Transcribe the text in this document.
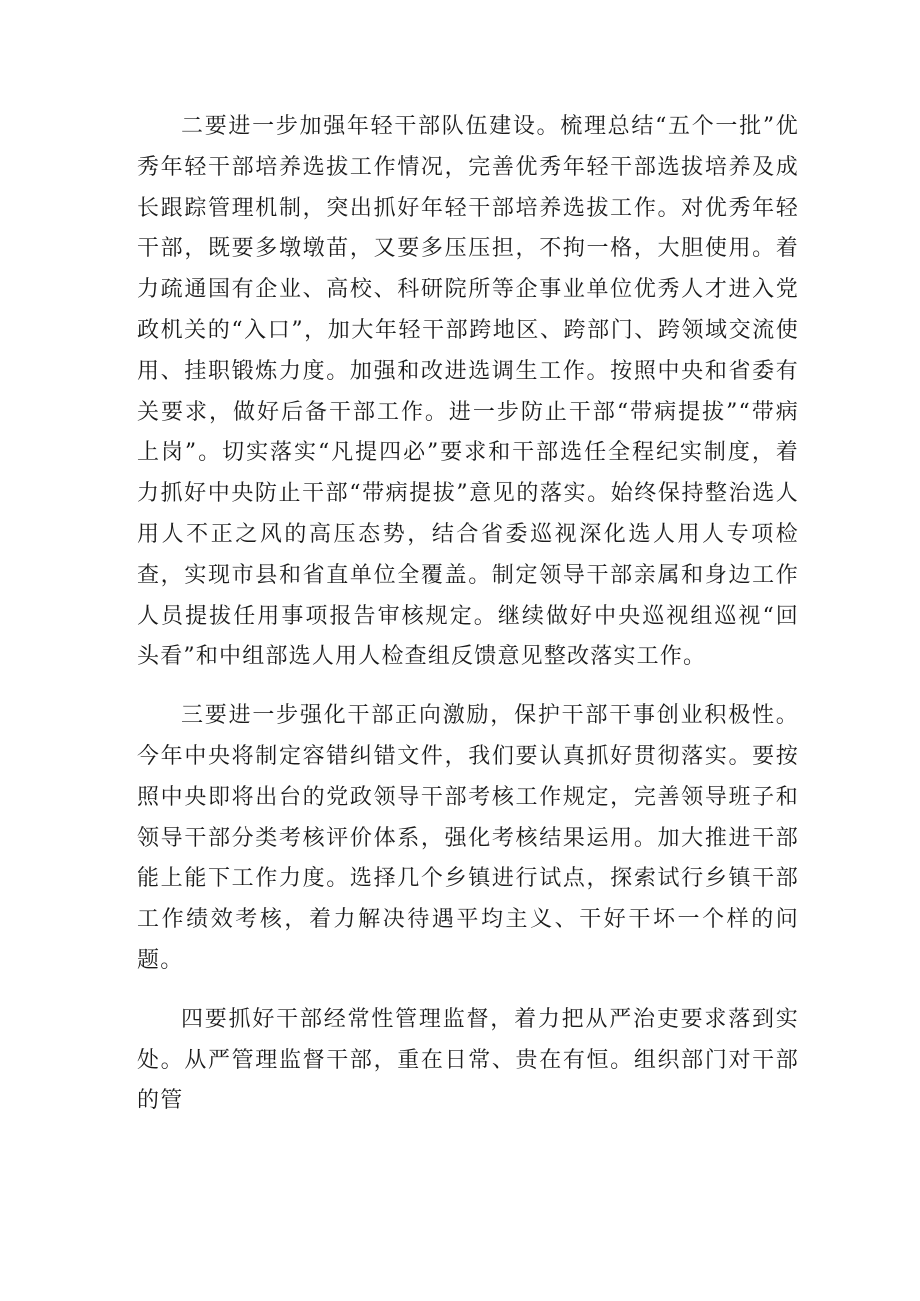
二要进一步加强年轻干部队伍建设。梳理总结“五个一批”优秀年轻干部培养选拔工作情况，完善优秀年轻干部选拔培养及成长跟踪管理机制，突出抓好年轻干部培养选拔工作。对优秀年轻干部，既要多墩墩苗，又要多压压担，不拘一格，大胆使用。着力疏通国有企业、高校、科研院所等企事业单位优秀人才进入党政机关的“入口”，加大年轻干部跨地区、跨部门、跨领域交流使用、挂职锻炼力度。加强和改进选调生工作。按照中央和省委有关要求，做好后备干部工作。进一步防止干部“带病提拔”“带病上岗”。切实落实“凡提四必”要求和干部选任全程纪实制度，着力抓好中央防止干部“带病提拔”意见的落实。始终保持整治选人用人不正之风的高压态势，结合省委巡视深化选人用人专项检查，实现市县和省直单位全覆盖。制定领导干部亲属和身边工作人员提拔任用事项报告审核规定。继续做好中央巡视组巡视“回头看”和中组部选人用人检查组反馈意见整改落实工作。

三要进一步强化干部正向激励，保护干部干事创业积极性。今年中央将制定容错纠错文件，我们要认真抓好贯彻落实。要按照中央即将出台的党政领导干部考核工作规定，完善领导班子和领导干部分类考核评价体系，强化考核结果运用。加大推进干部能上能下工作力度。选择几个乡镇进行试点，探索试行乡镇干部工作绩效考核，着力解决待遇平均主义、干好干坏一个样的问题。

四要抓好干部经常性管理监督，着力把从严治吏要求落到实处。从严管理监督干部，重在日常、贵在有恒。组织部门对干部的管
